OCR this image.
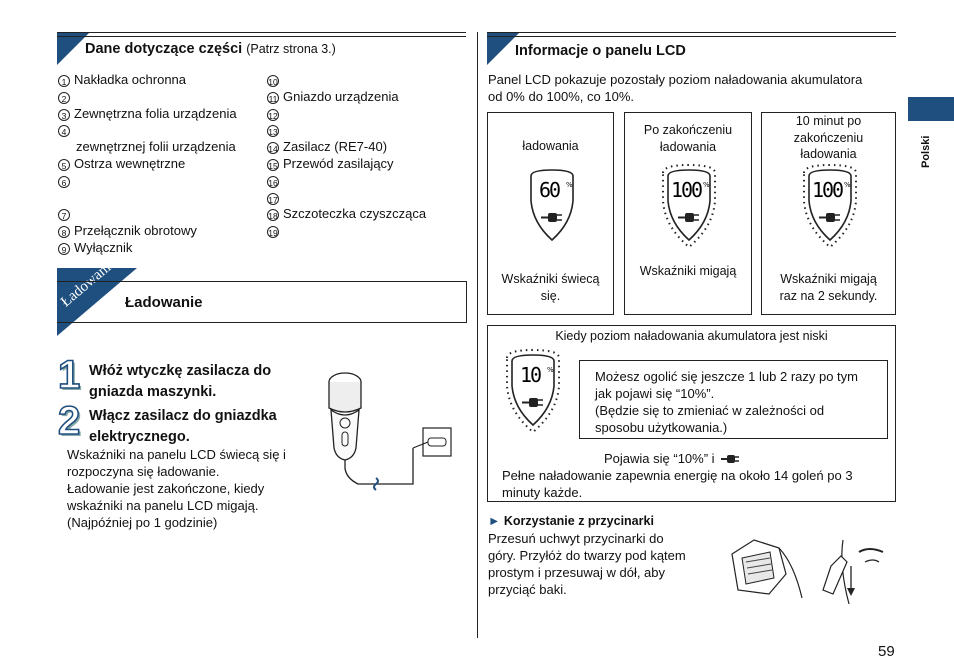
Dane dotyczące części (Patrz strona 3.)
1 Nakładka ochronna
2
3 Zewnętrzna folia urządzenia
4
zewnętrznej folii urządzenia
5 Ostrza wewnętrzne
6
7
8 Przełącznik obrotowy
9 Wyłącznik
10
11 Gniazdo urządzenia
12
13
14 Zasilacz (RE7-40)
15 Przewód zasilający
16
17
18 Szczoteczka czyszcząca
19
Ładowanie Ładowanie
1 Włóż wtyczkę zasilacza do gniazda maszynki.
2 Włącz zasilacz do gniazdka elektrycznego.
Wskaźniki na panelu LCD świecą się i
rozpoczyna się ładowanie.
Ładowanie jest zakończone, kiedy
wskaźniki na panelu LCD migają.
(Najpóźniej po 1 godzinie)
Informacje o panelu LCD
Panel LCD pokazuje pozostały poziom naładowania akumulatora
od 0% do 100%, co 10%.
ładowania
60 %
Wskaźniki świecą
się.
Po zakończeniu
ładowania
100 %
Wskaźniki migają
10 minut po
zakończeniu
ładowania
100 %
Wskaźniki migają
raz na 2 sekundy.
Kiedy poziom naładowania akumulatora jest niski
10 %	Możesz ogolić się jeszcze 1 lub 2 razy po tym
jak pojawi się “10%”.
(Będzie się to zmieniać w zależności od
sposobu użytkowania.)
Pojawia się “10%” i
Pełne naładowanie zapewnia energię na około 14 goleń po 3
minuty każde.
► Korzystanie z przycinarki
Przesuń uchwyt przycinarki do
góry. Przyłóż do twarzy pod kątem
prostym i przesuwaj w dół, aby
przyciąć baki.
Polski
59
